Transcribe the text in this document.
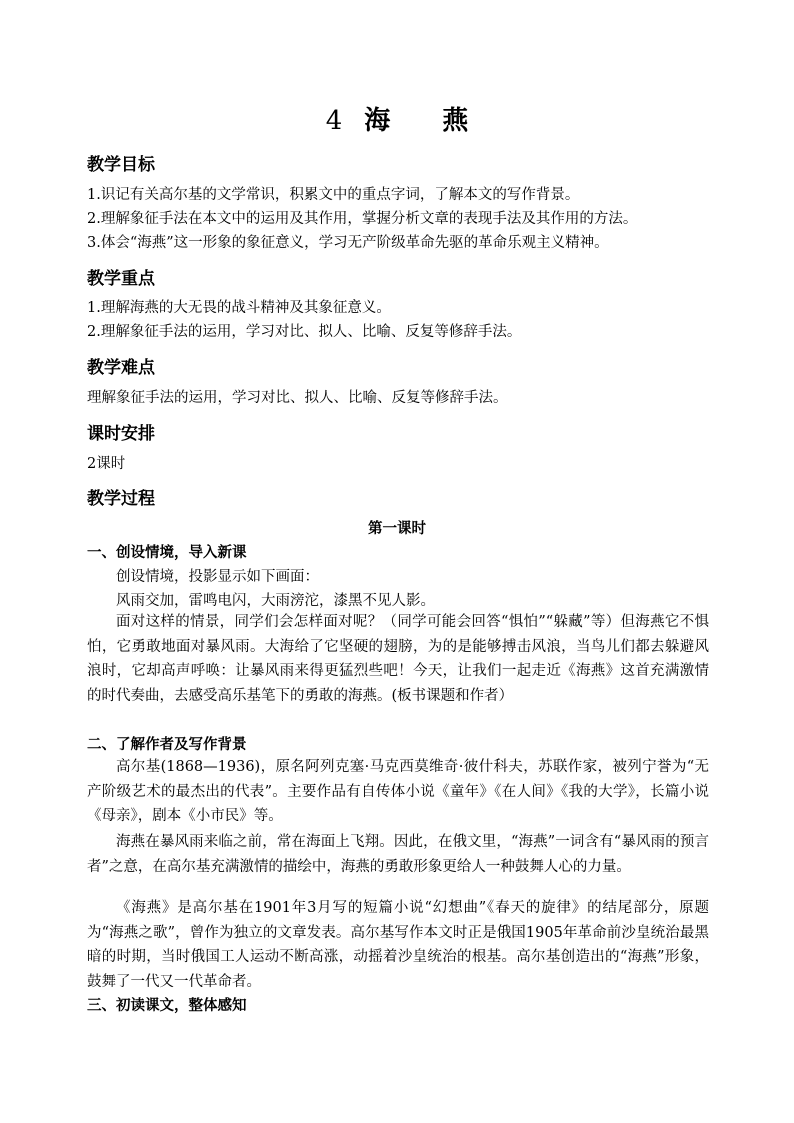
4 海 燕
教学目标
1.识记有关高尔基的文学常识，积累文中的重点字词，了解本文的写作背景。
2.理解象征手法在本文中的运用及其作用，掌握分析文章的表现手法及其作用的方法。
3.体会“海燕”这一形象的象征意义，学习无产阶级革命先驱的革命乐观主义精神。
教学重点
1.理解海燕的大无畏的战斗精神及其象征意义。
2.理解象征手法的运用，学习对比、拟人、比喻、反复等修辞手法。
教学难点
理解象征手法的运用，学习对比、拟人、比喻、反复等修辞手法。
课时安排
2课时
教学过程
第一课时
一、创设情境，导入新课
创设情境，投影显示如下画面：
风雨交加，雷鸣电闪，大雨滂沱，漆黑不见人影。
面对这样的情景，同学们会怎样面对呢？（同学可能会回答“惧怕”“躲藏”等）但海燕它不惧怕，它勇敢地面对暴风雨。大海给了它坚硬的翅膀，为的是能够搏击风浪，当鸟儿们都去躲避风浪时，它却高声呼唤：让暴风雨来得更猛烈些吧！今天，让我们一起走近《海燕》这首充满激情的时代奏曲，去感受高乐基笔下的勇敢的海燕。(板书课题和作者）
二、了解作者及写作背景
高尔基(1868—1936)，原名阿列克塞·马克西莫维奇·彼什科夫，苏联作家，被列宁誉为“无产阶级艺术的最杰出的代表”。主要作品有自传体小说《童年》《在人间》《我的大学》，长篇小说《母亲》，剧本《小市民》等。
海燕在暴风雨来临之前，常在海面上飞翔。因此，在俄文里，“海燕”一词含有“暴风雨的预言者”之意，在高尔基充满激情的描绘中，海燕的勇敢形象更给人一种鼓舞人心的力量。
《海燕》是高尔基在1901年3月写的短篇小说“幻想曲”《春天的旋律》的结尾部分，原题为“海燕之歌”，曾作为独立的文章发表。高尔基写作本文时正是俄国1905年革命前沙皇统治最黑暗的时期，当时俄国工人运动不断高涨，动摇着沙皇统治的根基。高尔基创造出的“海燕”形象，鼓舞了一代又一代革命者。
三、初读课文，整体感知
